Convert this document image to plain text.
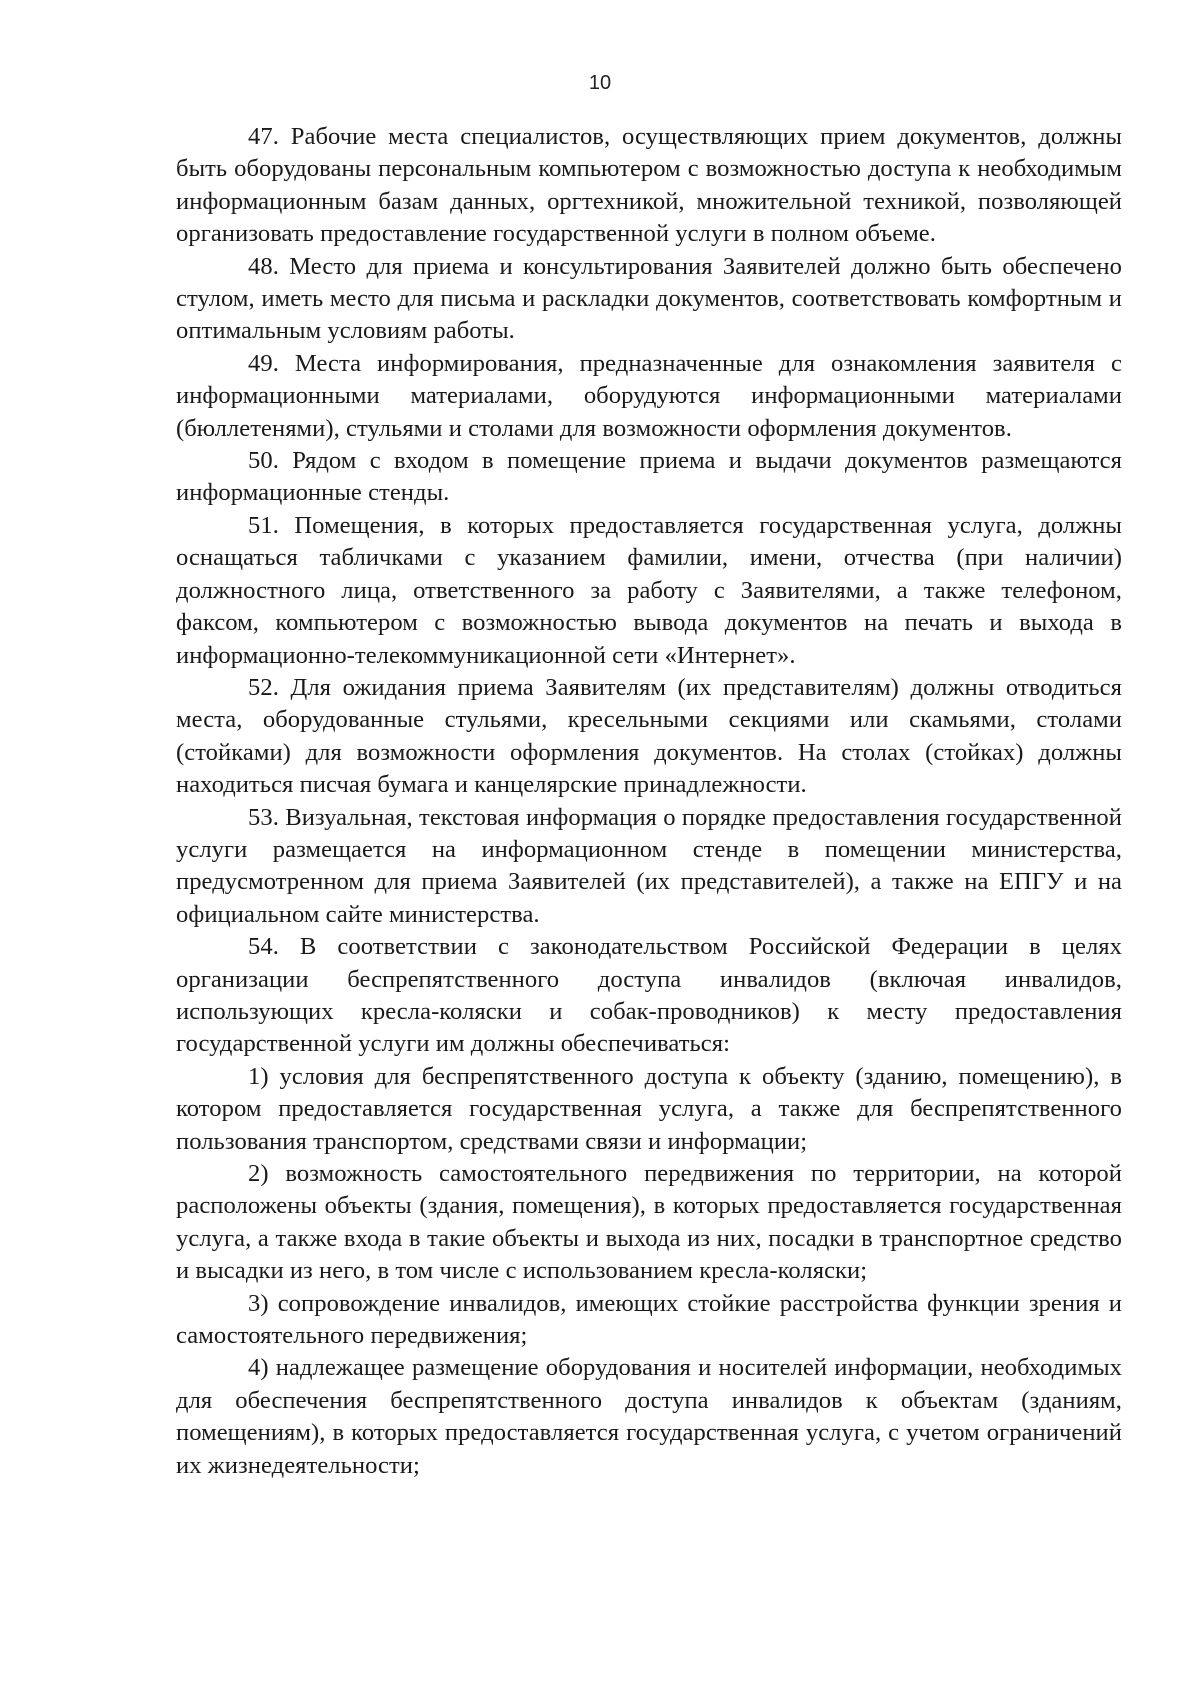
10

47. Рабочие места специалистов, осуществляющих прием документов, должны быть оборудованы персональным компьютером с возможностью доступа к необходимым информационным базам данных, оргтехникой, множительной техникой, позволяющей организовать предоставление государственной услуги в полном объеме.

48. Место для приема и консультирования Заявителей должно быть обеспечено стулом, иметь место для письма и раскладки документов, соответствовать комфортным и оптимальным условиям работы.

49. Места информирования, предназначенные для ознакомления заявителя с информационными материалами, оборудуются информационными материалами (бюллетенями), стульями и столами для возможности оформления документов.

50. Рядом с входом в помещение приема и выдачи документов размещаются информационные стенды.

51. Помещения, в которых предоставляется государственная услуга, должны оснащаться табличками с указанием фамилии, имени, отчества (при наличии) должностного лица, ответственного за работу с Заявителями, а также телефоном, факсом, компьютером с возможностью вывода документов на печать и выхода в информационно-телекоммуникационной сети «Интернет».

52. Для ожидания приема Заявителям (их представителям) должны отводиться места, оборудованные стульями, кресельными секциями или скамьями, столами (стойками) для возможности оформления документов. На столах (стойках) должны находиться писчая бумага и канцелярские принадлежности.

53. Визуальная, текстовая информация о порядке предоставления государственной услуги размещается на информационном стенде в помещении министерства, предусмотренном для приема Заявителей (их представителей), а также на ЕПГУ и на официальном сайте министерства.

54. В соответствии с законодательством Российской Федерации в целях организации беспрепятственного доступа инвалидов (включая инвалидов, использующих кресла-коляски и собак-проводников) к месту предоставления государственной услуги им должны обеспечиваться:

1) условия для беспрепятственного доступа к объекту (зданию, помещению), в котором предоставляется государственная услуга, а также для беспрепятственного пользования транспортом, средствами связи и информации;

2) возможность самостоятельного передвижения по территории, на которой расположены объекты (здания, помещения), в которых предоставляется государственная услуга, а также входа в такие объекты и выхода из них, посадки в транспортное средство и высадки из него, в том числе с использованием кресла-коляски;

3) сопровождение инвалидов, имеющих стойкие расстройства функции зрения и самостоятельного передвижения;

4) надлежащее размещение оборудования и носителей информации, необходимых для обеспечения беспрепятственного доступа инвалидов к объектам (зданиям, помещениям), в которых предоставляется государственная услуга, с учетом ограничений их жизнедеятельности;
